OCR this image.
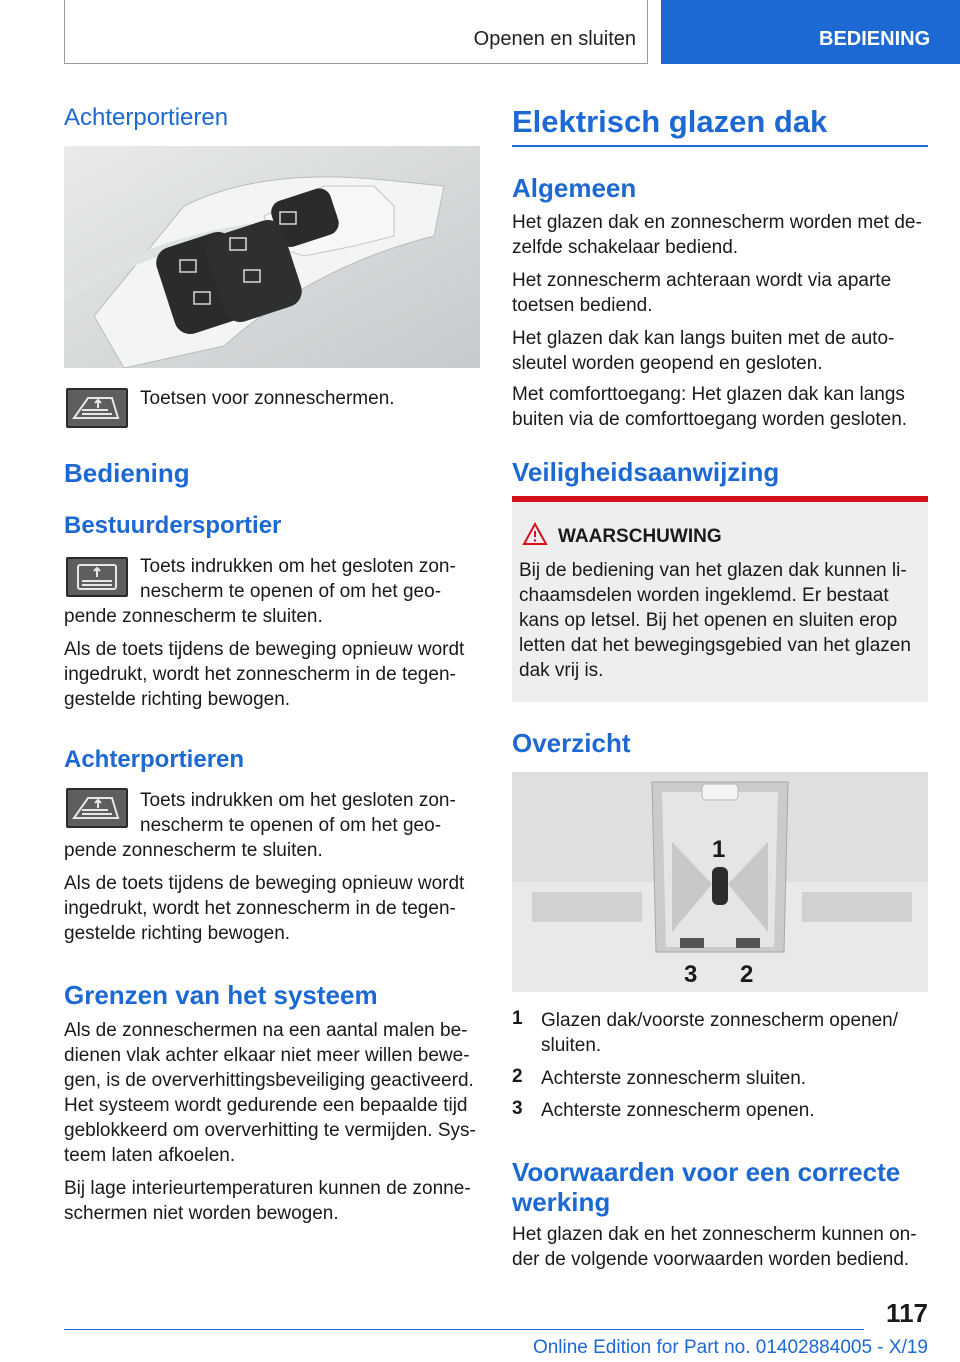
Openen en sluiten	BEDIENING
Achterportieren

Toetsen voor zonneschermen.

Bediening
Bestuurdersportier

Toets indrukken om het gesloten zon-

nescherm te openen of om het geo-

pende zonnescherm te sluiten.

Als de toets tijdens de beweging opnieuw wordt ingedrukt, wordt het zonnescherm in de tegen-gestelde richting bewogen.

Achterportieren

Toets indrukken om het gesloten zon-

nescherm te openen of om het geo-

pende zonnescherm te sluiten.

Als de toets tijdens de beweging opnieuw wordt ingedrukt, wordt het zonnescherm in de tegen-gestelde richting bewogen.

Grenzen van het systeem

Als de zonneschermen na een aantal malen be-dienen vlak achter elkaar niet meer willen bewe-gen, is de oververhittingsbeveiliging geactiveerd. Het systeem wordt gedurende een bepaalde tijd geblokkeerd om oververhitting te vermijden. Sys-teem laten afkoelen.

Bij lage interieurtemperaturen kunnen de zonne-schermen niet worden bewogen.

Elektrisch glazen dak
Algemeen

Het glazen dak en zonnescherm worden met de-zelfde schakelaar bediend.

Het zonnescherm achteraan wordt via aparte toetsen bediend.

Het glazen dak kan langs buiten met de auto-sleutel worden geopend en gesloten.

Met comforttoegang: Het glazen dak kan langs buiten via de comforttoegang worden gesloten.

Veiligheidsaanwijzing
WAARSCHUWING

Bij de bediening van het glazen dak kunnen li-chaamsdelen worden ingeklemd. Er bestaat kans op letsel. Bij het openen en sluiten erop letten dat het bewegingsgebied van het glazen dak vrij is.

Overzicht
1
3 2
1 Glazen dak/voorste zonnescherm openen/ sluiten.

2 Achterste zonnescherm sluiten.

3 Achterste zonnescherm openen.

Voorwaarden voor een correcte werking

Het glazen dak en het zonnescherm kunnen on-der de volgende voorwaarden worden bediend.

117
Online Edition for Part no. 01402884005 - X/19
